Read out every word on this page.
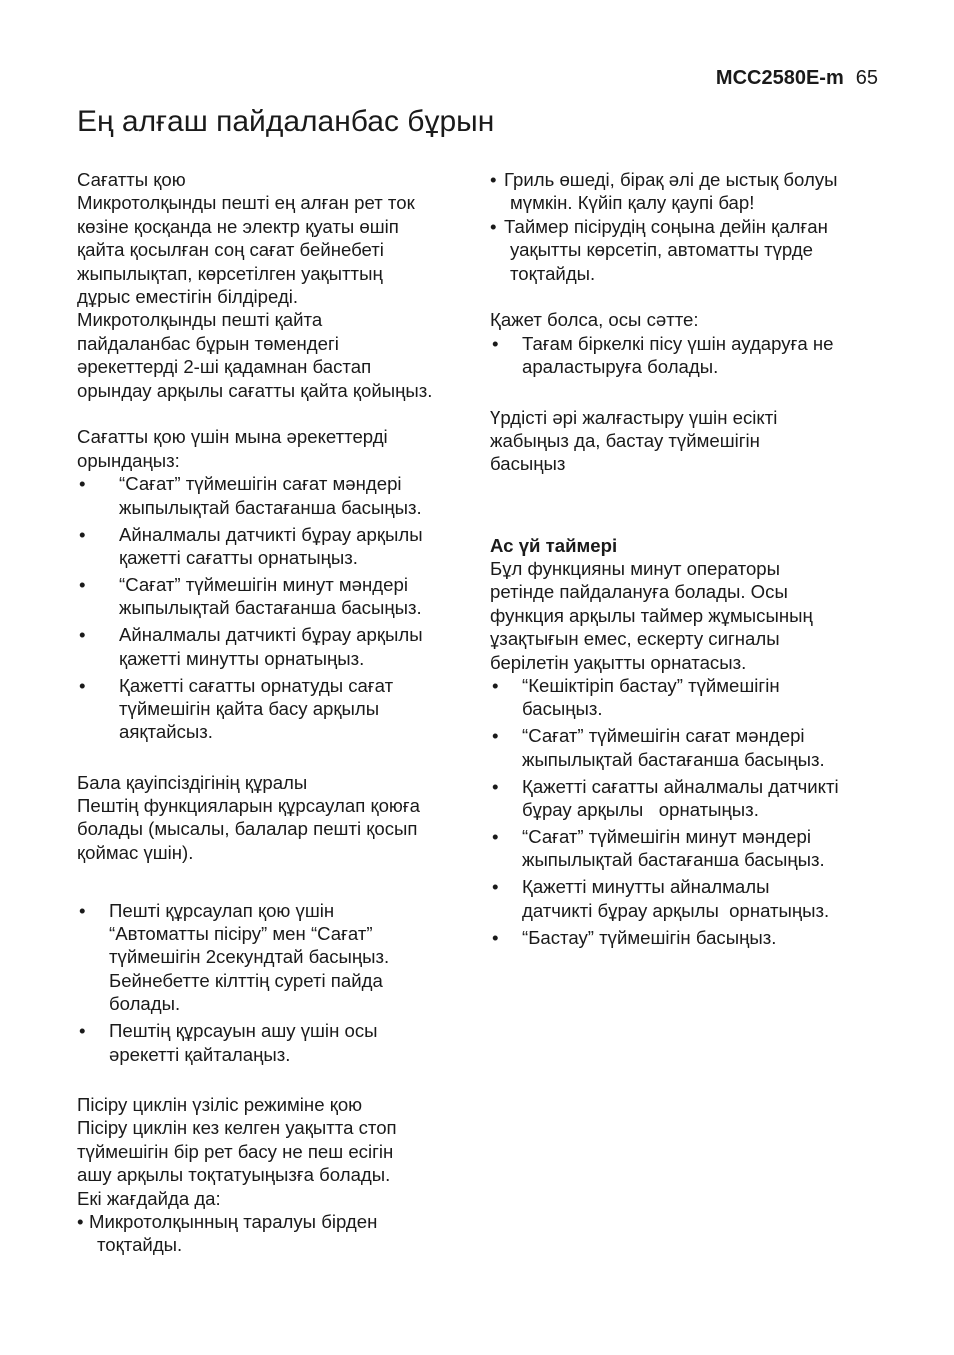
MCC2580E-m 65
Ең алғаш пайдаланбас бұрын

Сағатты қою

Микротолқынды пешті ең алған рет ток

көзіне қосқанда не электр қуаты өшіп

қайта қосылған соң сағат бейнебеті

жыпылықтап, көрсетілген уақыттың

дұрыс еместігін білдіреді.

Микротолқынды пешті қайта

пайдаланбас бұрын төмендегі

әрекеттерді 2-ші қадамнан бастап

орындау арқылы сағатты қайта қойыңыз.

Сағатты қою үшін мына әрекеттерді

орындаңыз:

• “Сағат” түймешігін сағат мәндері

жыпылықтай бастағанша басыңыз.

• Айналмалы датчикті бұрау арқылы

қажетті сағатты орнатыңыз.

• “Сағат” түймешігін минут мәндері

жыпылықтай бастағанша басыңыз.

• Айналмалы датчикті бұрау арқылы

қажетті минутты орнатыңыз.

• Қажетті сағатты орнатуды сағат

түймешігін қайта басу арқылы

аяқтайсыз.

Бала қауіпсіздігінің құралы

Пештің функцияларын құрсаулап қоюға

болады (мысалы, балалар пешті қосып

қоймас үшін).

• Пешті құрсаулап қою үшін

“Автоматты пісіру” мен “Сағат”

түймешігін 2секундтай басыңыз.

Бейнебетте кілттің суреті пайда

болады.

• Пештің құрсауын ашу үшін осы

әрекетті қайталаңыз.

Пісіру циклін үзіліс режиміне қою

Пісіру циклін кез келген уақытта стоп

түймешігін бір рет басу не пеш есігін

ашу арқылы тоқтатуыңызға болады.

Екі жағдайда да:

• Микротолқынның таралуы бірден

тоқтайды.

• Гриль өшеді, бірақ әлі де ыстық болуы

мүмкін. Күйіп қалу қаупі бар!

• Таймер пісірудің соңына дейін қалған

уақытты көрсетіп, автоматты түрде

тоқтайды.

Қажет болса, осы сәтте:

• Тағам біркелкі пісу үшін аударуға не

араластыруға болады.

Үрдісті әрі жалғастыру үшін есікті

жабыңыз да, бастау түймешігін

басыңыз

Ас үй таймері

Бұл функцияны минут операторы

ретінде пайдалануға болады. Осы

функция арқылы таймер жұмысының

ұзақтығын емес, ескерту сигналы

берілетін уақытты орнатасыз.

• “Кешіктіріп бастау” түймешігін

басыңыз.

• “Сағат” түймешігін сағат мәндері

жыпылықтай бастағанша басыңыз.

• Қажетті сағатты айналмалы датчикті

бұрау арқылы   орнатыңыз.

• “Сағат” түймешігін минут мәндері

жыпылықтай бастағанша басыңыз.

• Қажетті минутты айналмалы

датчикті бұрау арқылы  орнатыңыз.

• “Бастау” түймешігін басыңыз.
